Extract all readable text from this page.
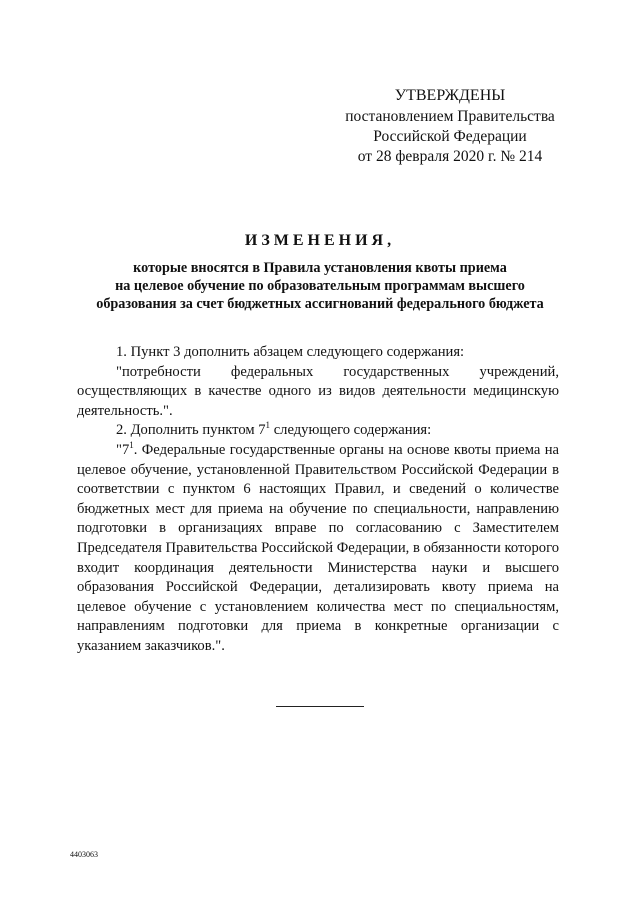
УТВЕРЖДЕНЫ
постановлением Правительства
Российской Федерации
от 28 февраля 2020 г. № 214
ИЗМЕНЕНИЯ,
которые вносятся в Правила установления квоты приема
на целевое обучение по образовательным программам высшего
образования за счет бюджетных ассигнований федерального бюджета

1. Пункт 3 дополнить абзацем следующего содержания:

"потребности федеральных государственных учреждений, осуществляющих в качестве одного из видов деятельности медицинскую деятельность.".

2. Дополнить пунктом $7^1$ следующего содержания:

"$7^1$. Федеральные государственные органы на основе квоты приема на целевое обучение, установленной Правительством Российской Федерации в соответствии с пунктом 6 настоящих Правил, и сведений о количестве бюджетных мест для приема на обучение по специальности, направлению подготовки в организациях вправе по согласованию с Заместителем Председателя Правительства Российской Федерации, в обязанности которого входит координация деятельности Министерства науки и высшего образования Российской Федерации, детализировать квоту приема на целевое обучение с установлением количества мест по специальностям, направлениям подготовки для приема в конкретные организации с указанием заказчиков.".

4403063
